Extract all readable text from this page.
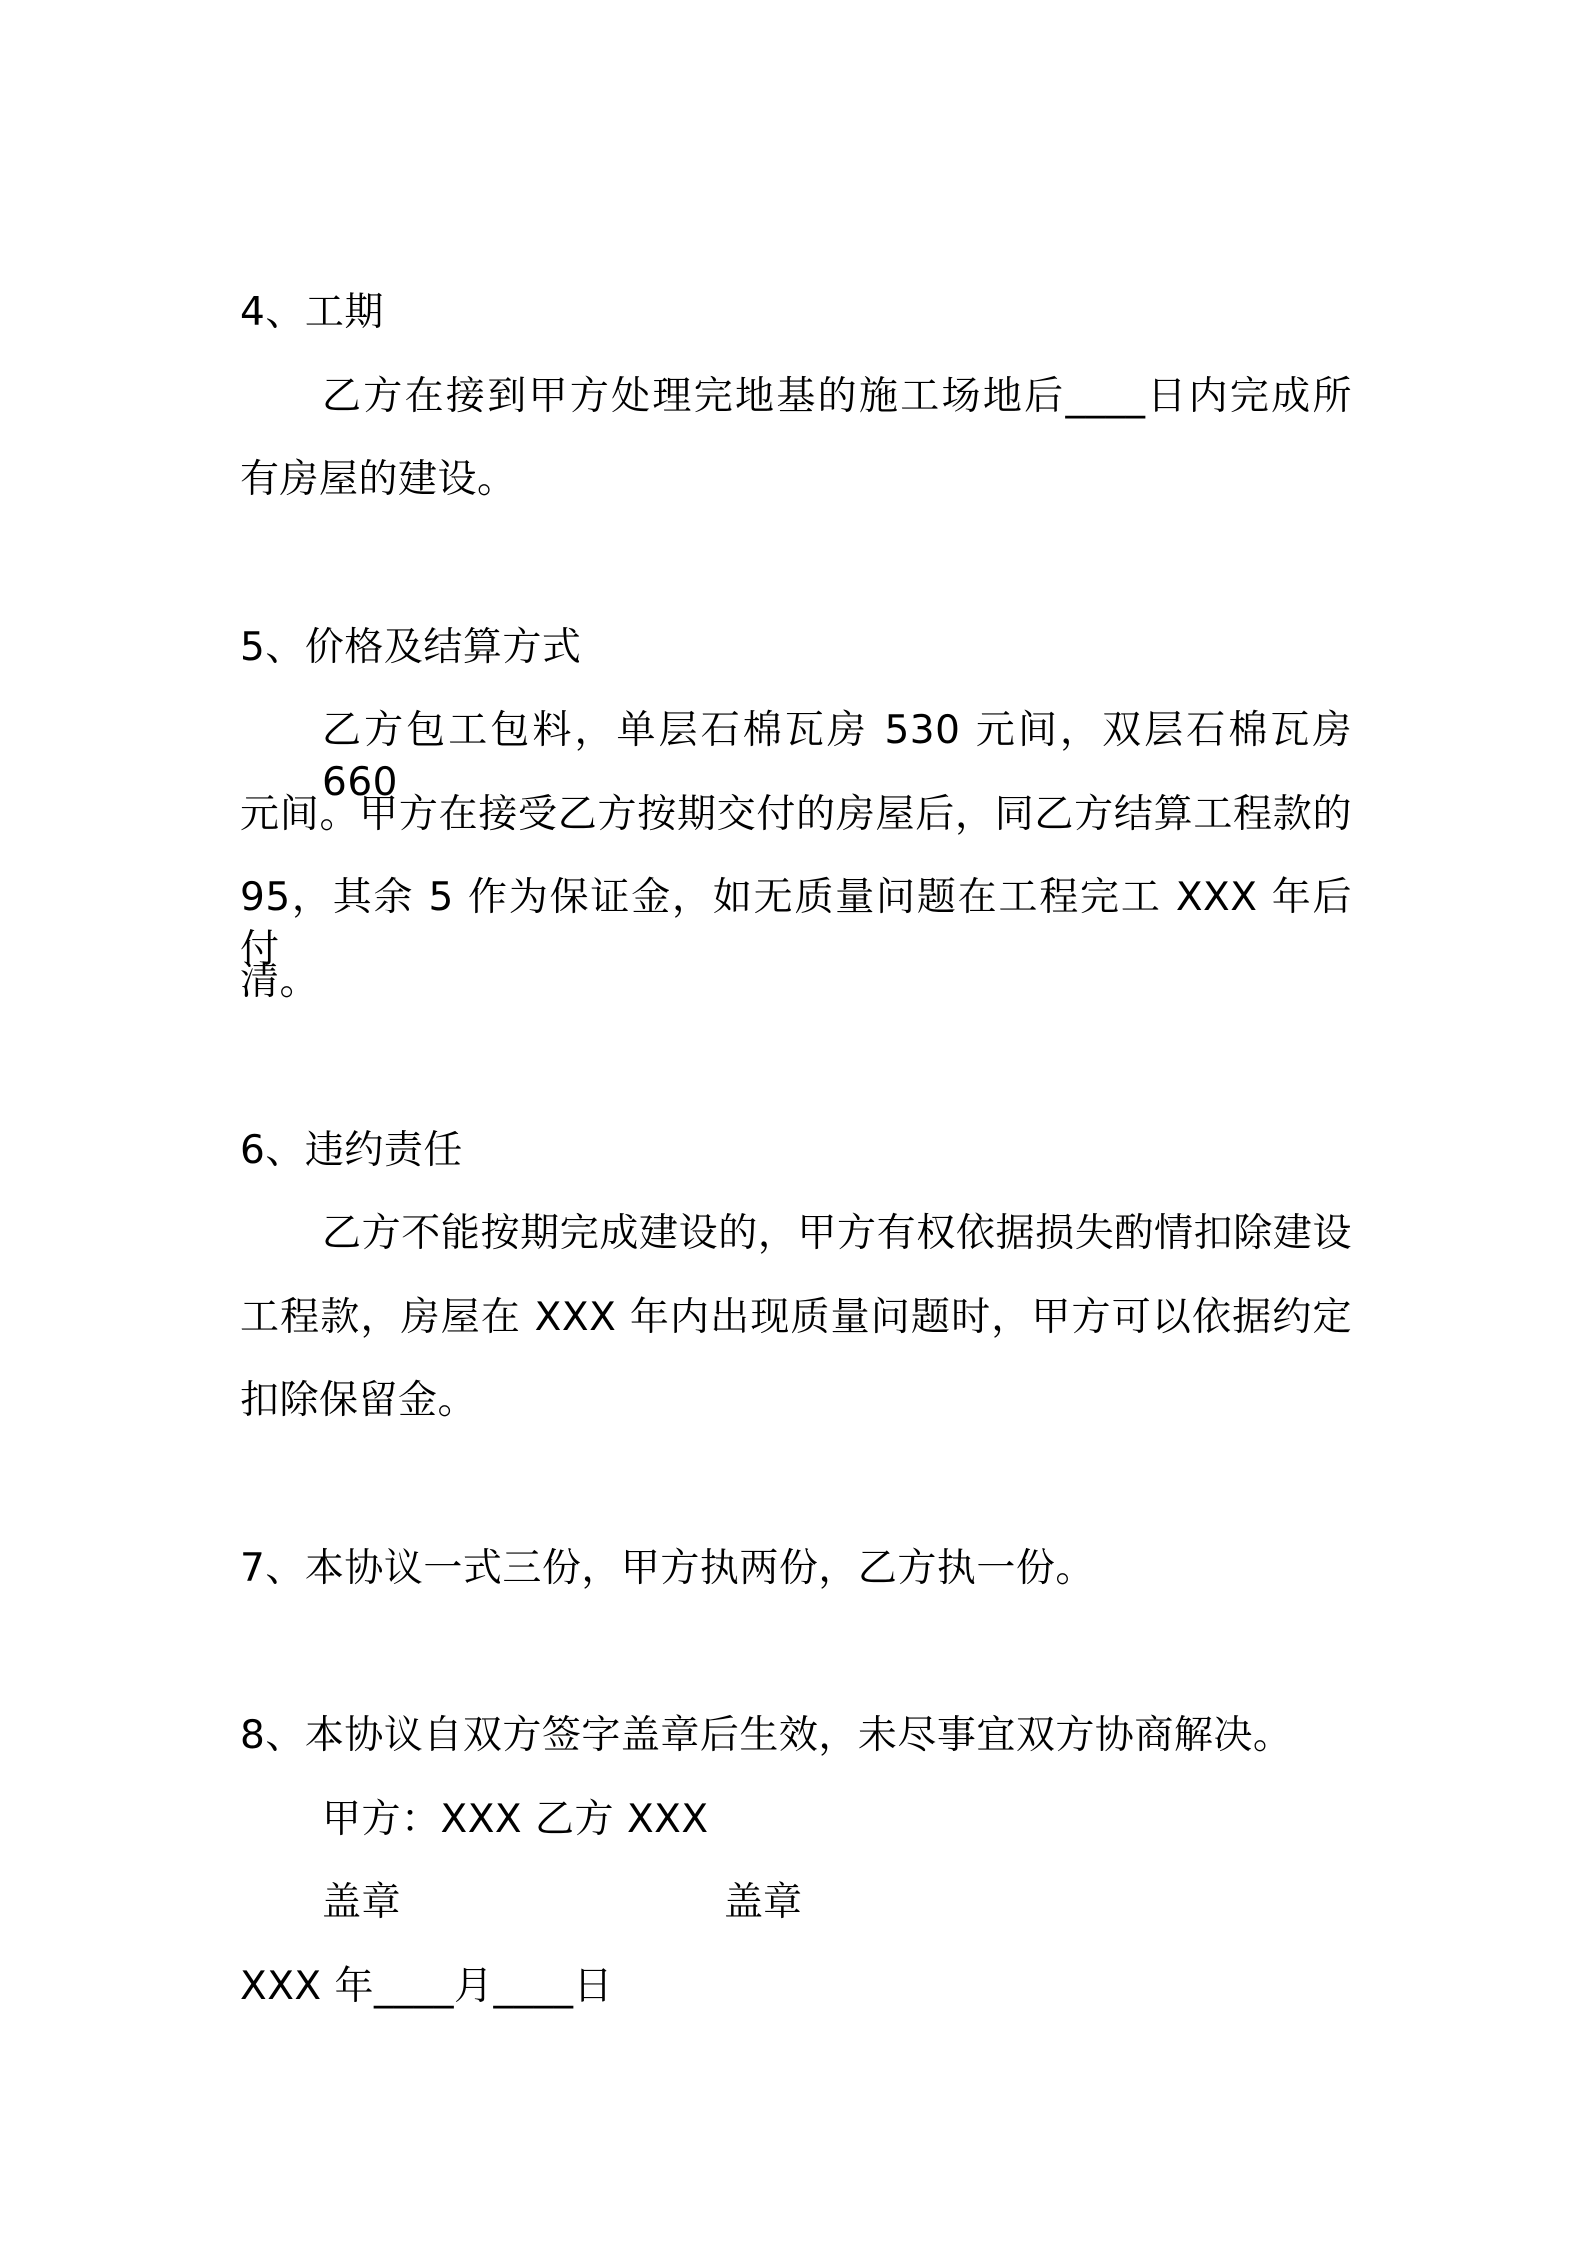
4、工期
乙方在接到甲方处理完地基的施工场地后____日内完成所
有房屋的建设。
5、价格及结算方式
乙方包工包料，单层石棉瓦房 530 元间，双层石棉瓦房 660
元间。甲方在接受乙方按期交付的房屋后，同乙方结算工程款的
95，其余 5 作为保证金，如无质量问题在工程完工 XXX 年后付
清。
6、违约责任
乙方不能按期完成建设的，甲方有权依据损失酌情扣除建设
工程款，房屋在 XXX 年内出现质量问题时，甲方可以依据约定
扣除保留金。
7、本协议一式三份，甲方执两份，乙方执一份。
8、本协议自双方签字盖章后生效，未尽事宜双方协商解决。
甲方：XXX 乙方 XXX
盖章	盖章
XXX 年____月____日
